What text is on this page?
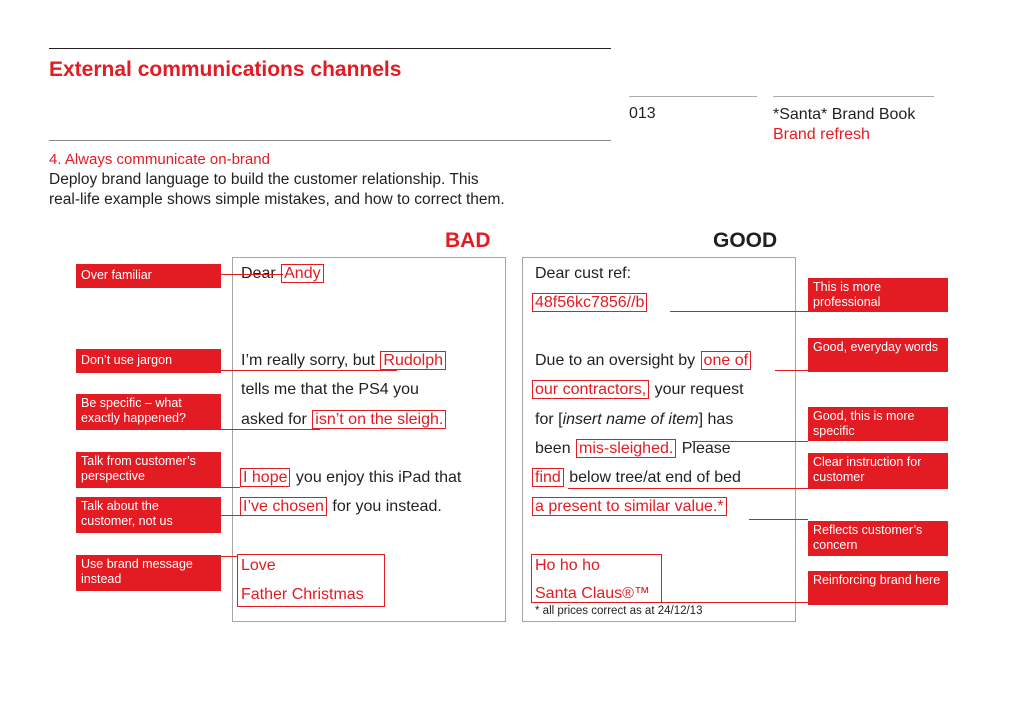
External communications channels
013	*Santa* Brand Book
Brand refresh
4. Always communicate on-brand
Deploy brand language to build the customer relationship. This
real-life example shows simple mistakes, and how to correct them.
BAD	GOOD
Dear Andy
I’m really sorry, but Rudolph
tells me that the PS4 you
asked for isn’t on the sleigh.
I hope you enjoy this iPad that
I’ve chosen for you instead.
Love
Father Christmas
Dear cust ref:
48f56kc7856//b
Due to an oversight by one of
our contractors, your request
for [insert name of item] has
been mis-sleighed. Please
find below tree/at end of bed
a present to similar value.*
Ho ho ho
Santa Claus®™
* all prices correct as at 24/12/13
Over familiar
Don’t use jargon
Be specific – what exactly happened?
Talk from customer’s perspective
Talk about the customer, not us
Use brand message instead
This is more professional
Good, everyday words
Good, this is more specific
Clear instruction for customer
Reflects customer’s concern
Reinforcing brand here
